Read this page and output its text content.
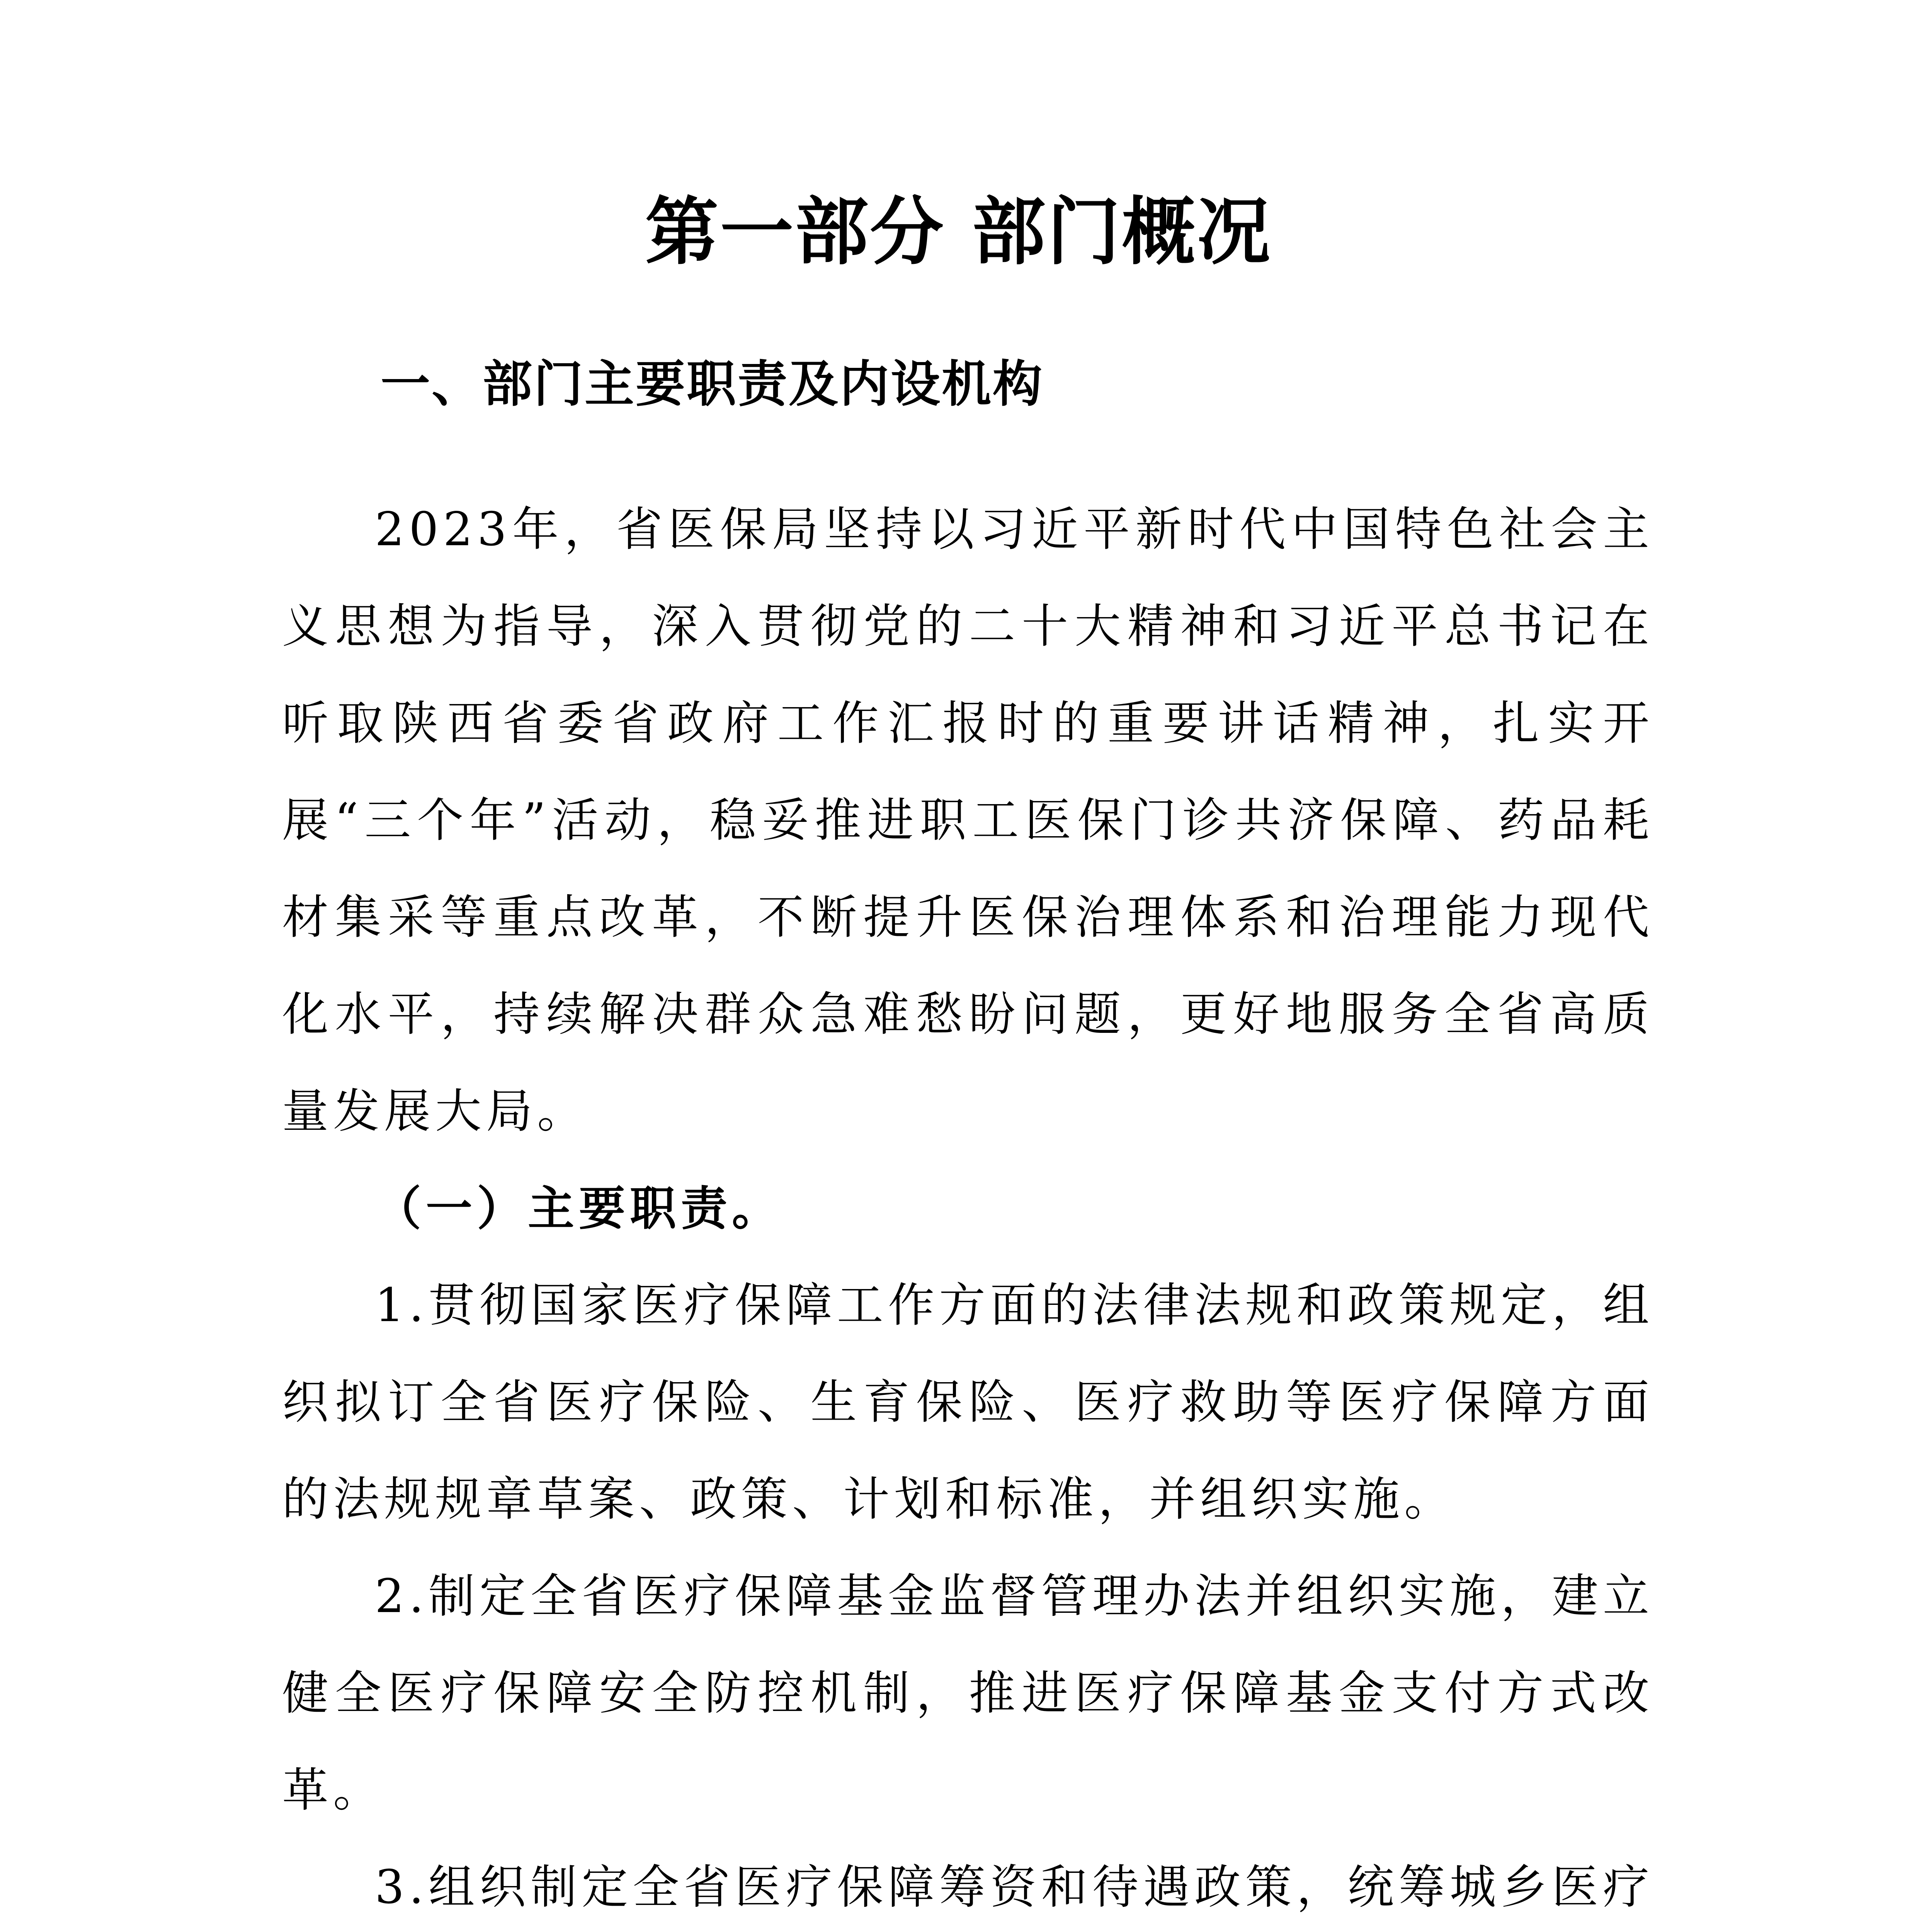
第一部分 部门概况
一、部门主要职责及内设机构

2023年，省医保局坚持以习近平新时代中国特色社会主义思想为指导，深入贯彻党的二十大精神和习近平总书记在听取陕西省委省政府工作汇报时的重要讲话精神，扎实开展“三个年”活动，稳妥推进职工医保门诊共济保障、药品耗材集采等重点改革，不断提升医保治理体系和治理能力现代化水平，持续解决群众急难愁盼问题，更好地服务全省高质量发展大局。

（一）主要职责。

1.贯彻国家医疗保障工作方面的法律法规和政策规定，组织拟订全省医疗保险、生育保险、医疗救助等医疗保障方面的法规规章草案、政策、计划和标准，并组织实施。

2.制定全省医疗保障基金监督管理办法并组织实施，建立健全医疗保障安全防控机制，推进医疗保障基金支付方式改革。

3.组织制定全省医疗保障筹资和待遇政策，统筹城乡医疗
